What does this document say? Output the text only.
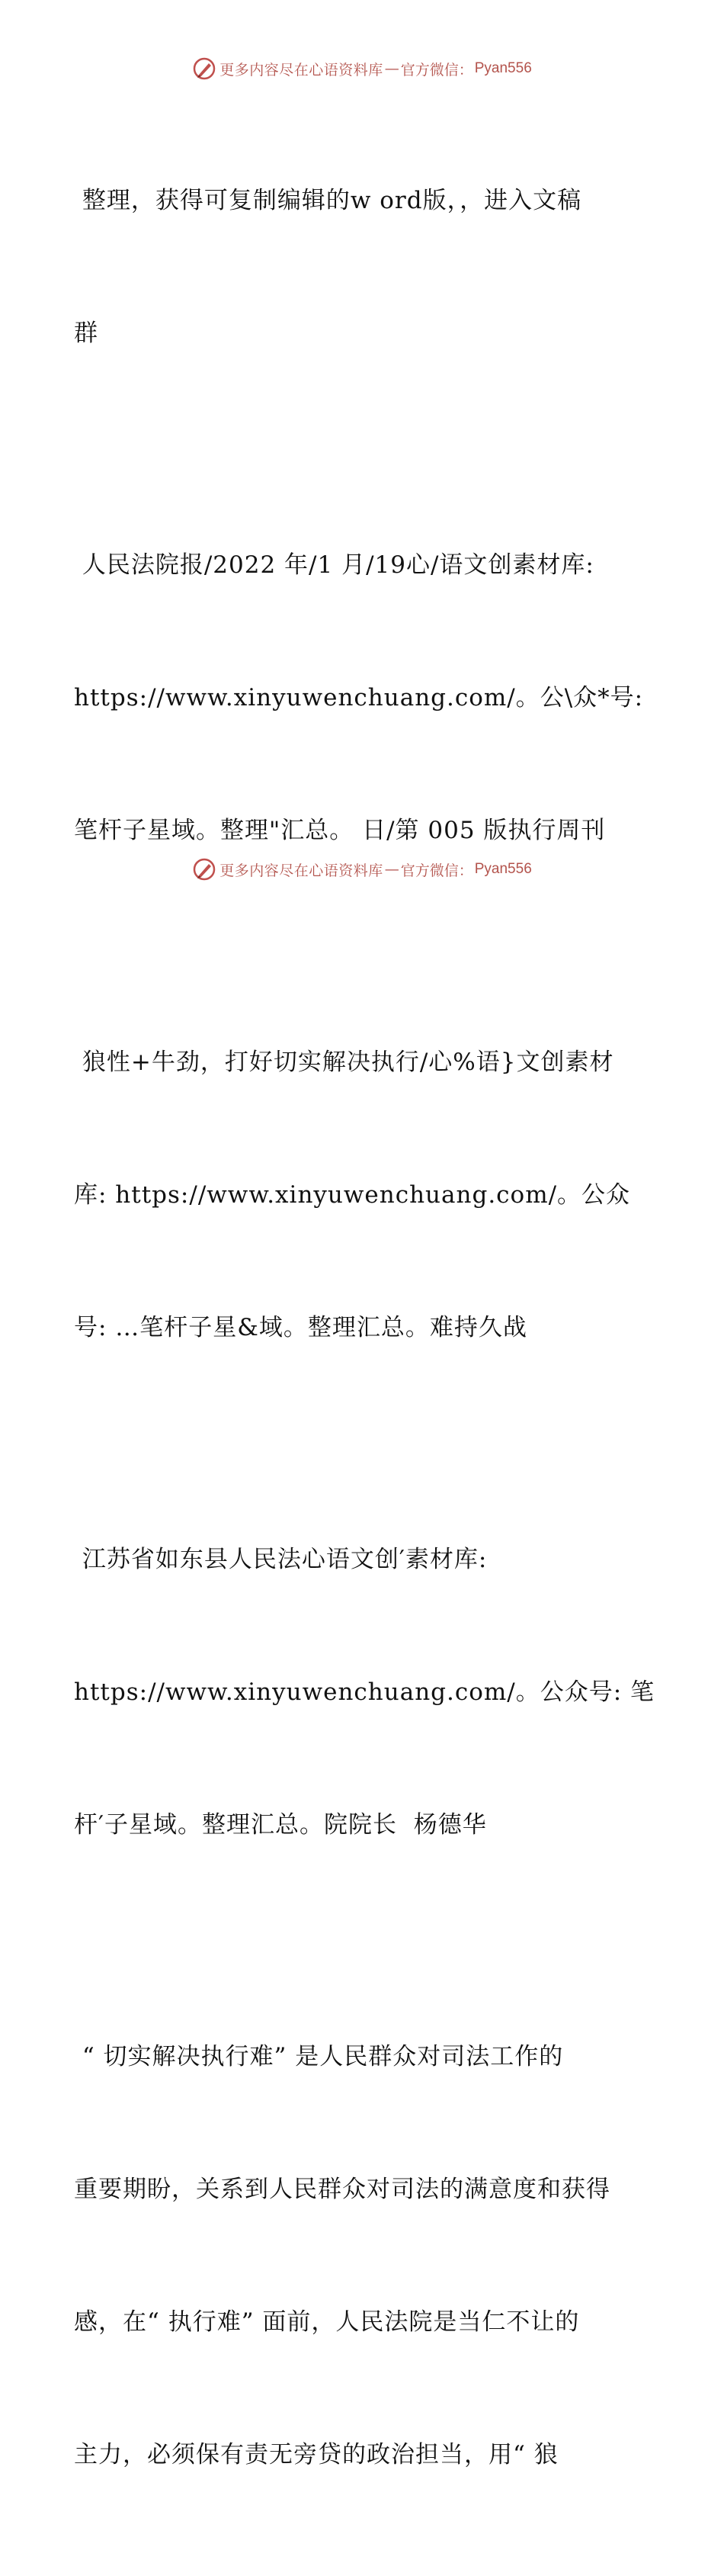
更多内容尽在心语资料库 — 官方微信： Pyan556

整理，获得可复制编辑的w ord版，，进入文稿

群

人民法院报/2022 年/1 月/19心/语文创素材库:

https://www.xinyuwenchuang.com/。公\众*号:

笔杆子星域。整理"汇总。 日/第 005 版执行周刊

狼性+牛劲，打好切实解决执行/心%语}文创素材

库: https://www.xinyuwenchuang.com/。公众

号: …笔杆子星&域。整理汇总。难持久战

江苏省如东县人民法心语文创′素材库:

https://www.xinyuwenchuang.com/。公众号: 笔

杆′子星域。整理汇总。院院长  杨德华

“ 切实解决执行难” 是人民群众对司法工作的

重要期盼，关系到人民群众对司法的满意度和获得

感，在“ 执行难” 面前，人民法院是当仁不让的

主力，必须保有责无旁贷的政治担当，用“ 狼

更多内容尽在心语资料库 — 官方微信： Pyan556
